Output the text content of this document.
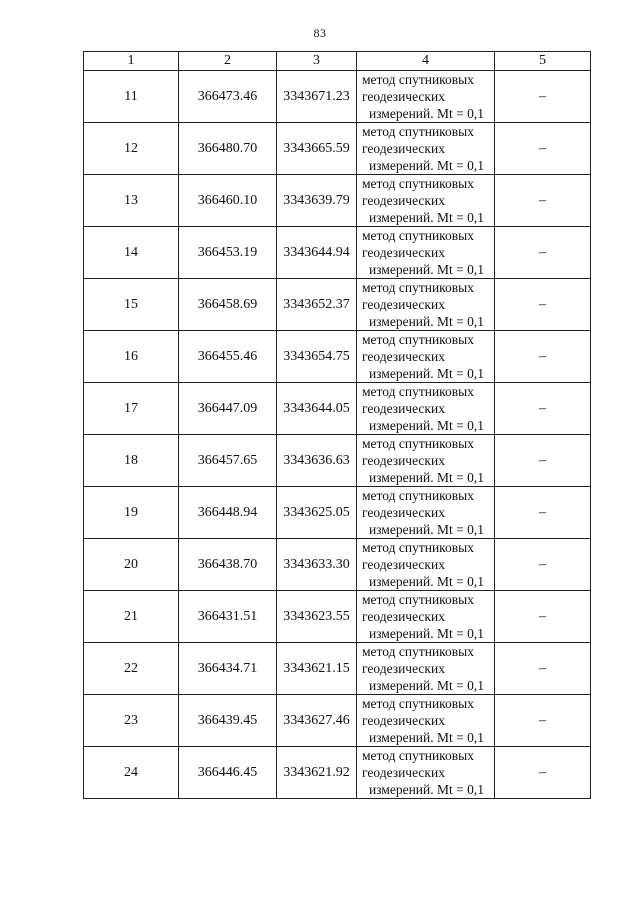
83
1	2	3	4	5
11	366473.46	3343671.23	метод спутниковых
геодезических
измерений. Mt = 0,1	–
12	366480.70	3343665.59	метод спутниковых
геодезических
измерений. Mt = 0,1	–
13	366460.10	3343639.79	метод спутниковых
геодезических
измерений. Mt = 0,1	–
14	366453.19	3343644.94	метод спутниковых
геодезических
измерений. Mt = 0,1	–
15	366458.69	3343652.37	метод спутниковых
геодезических
измерений. Mt = 0,1	–
16	366455.46	3343654.75	метод спутниковых
геодезических
измерений. Mt = 0,1	–
17	366447.09	3343644.05	метод спутниковых
геодезических
измерений. Mt = 0,1	–
18	366457.65	3343636.63	метод спутниковых
геодезических
измерений. Mt = 0,1	–
19	366448.94	3343625.05	метод спутниковых
геодезических
измерений. Mt = 0,1	–
20	366438.70	3343633.30	метод спутниковых
геодезических
измерений. Mt = 0,1	–
21	366431.51	3343623.55	метод спутниковых
геодезических
измерений. Mt = 0,1	–
22	366434.71	3343621.15	метод спутниковых
геодезических
измерений. Mt = 0,1	–
23	366439.45	3343627.46	метод спутниковых
геодезических
измерений. Mt = 0,1	–
24	366446.45	3343621.92	метод спутниковых
геодезических
измерений. Mt = 0,1	–
